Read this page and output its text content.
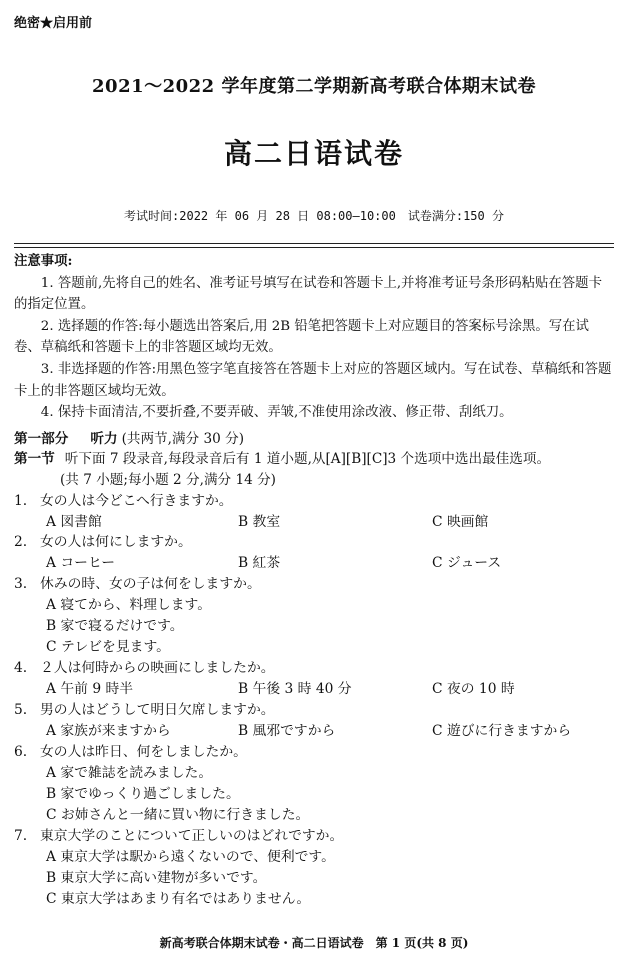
绝密★启用前
2021～2022 学年度第二学期新高考联合体期末试卷
高二日语试卷
考试时间:2022 年 06 月 28 日 08:00—10:00　试卷满分:150 分

注意事项:

1. 答题前,先将自己的姓名、准考证号填写在试卷和答题卡上,并将准考证号条形码粘贴在答题卡的指定位置。

2. 选择题的作答:每小题选出答案后,用 2B 铅笔把答题卡上对应题目的答案标号涂黑。写在试卷、草稿纸和答题卡上的非答题区域均无效。

3. 非选择题的作答:用黑色签字笔直接答在答题卡上对应的答题区域内。写在试卷、草稿纸和答题卡上的非答题区域均无效。

4. 保持卡面清洁,不要折叠,不要弄破、弄皱,不准使用涂改液、修正带、刮纸刀。

第一部分 听力 (共两节,满分 30 分)
第一节 听下面 7 段录音,每段录音后有 1 道小题,从[A][B][C]3 个选项中选出最佳选项。
(共 7 小题;每小题 2 分,满分 14 分)
1. 女の人は今どこへ行きますか。
A 図書館	B 教室	C 映画館
2. 女の人は何にしますか。
A コーヒー	B 紅茶	C ジュース
3. 休みの時、女の子は何をしますか。
A 寝てから、料理します。
B 家で寝るだけです。
C テレビを見ます。
4. ２人は何時からの映画にしましたか。
A 午前 9 時半	B 午後 3 時 40 分	C 夜の 10 時
5. 男の人はどうして明日欠席しますか。
A 家族が来ますから	B 風邪ですから	C 遊びに行きますから
6. 女の人は昨日、何をしましたか。
A 家で雑誌を読みました。
B 家でゆっくり過ごしました。
C お姉さんと一緒に買い物に行きました。
7. 東京大学のことについて正しいのはどれですか。
A 東京大学は駅から遠くないので、便利です。
B 東京大学に高い建物が多いです。
C 東京大学はあまり有名ではありません。
新高考联合体期末试卷・高二日语试卷　第 1 页(共 8 页)
